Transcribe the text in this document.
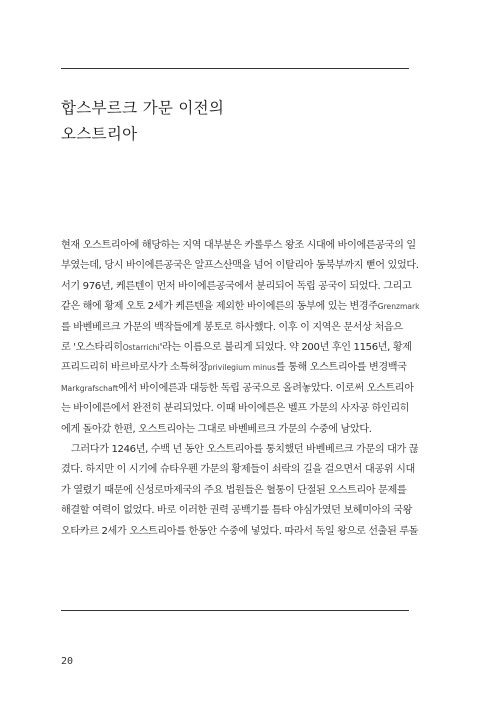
합스부르크 가문 이전의
오스트리아
현재 오스트리아에 해당하는 지역 대부분은 카롤루스 왕조 시대에 바이에른공국의 일
부였는데, 당시 바이에른공국은 알프스산맥을 넘어 이탈리아 동북부까지 뻗어 있었다.
서기 976년, 케른텐이 먼저 바이에른공국에서 분리되어 독립 공국이 되었다. 그리고
같은 해에 황제 오토 2세가 케른텐을 제외한 바이에른의 동부에 있는 변경주Grenzmark
를 바벤베르크 가문의 백작들에게 봉토로 하사했다. 이후 이 지역은 문서상 처음으
로 '오스타리히Ostarrichi'라는 이름으로 불리게 되었다. 약 200년 후인 1156년, 황제
프리드리히 바르바로사가 소특허장privilegium minus를 통해 오스트리아를 변경백국
Markgrafschaft에서 바이에른과 대등한 독립 공국으로 올려놓았다. 이로써 오스트리아
는 바이에른에서 완전히 분리되었다. 이때 바이에른은 벨프 가문의 사자공 하인리히
에게 돌아갔 한편, 오스트리아는 그대로 바벤베르크 가문의 수중에 남았다.
그러다가 1246년, 수백 년 동안 오스트리아를 통치했던 바벤베르크 가문의 대가 끊
겼다. 하지만 이 시기에 슈타우펜 가문의 황제들이 쇠락의 길을 걸으면서 대공위 시대
가 열렸기 때문에 신성로마제국의 주요 법원들은 혈통이 단절된 오스트리아 문제를
해결할 여력이 없었다. 바로 이러한 권력 공백기를 틈타 야심가였던 보헤미아의 국왕
오타카르 2세가 오스트리아를 한동안 수중에 넣었다. 따라서 독일 왕으로 선출된 루돌
20
